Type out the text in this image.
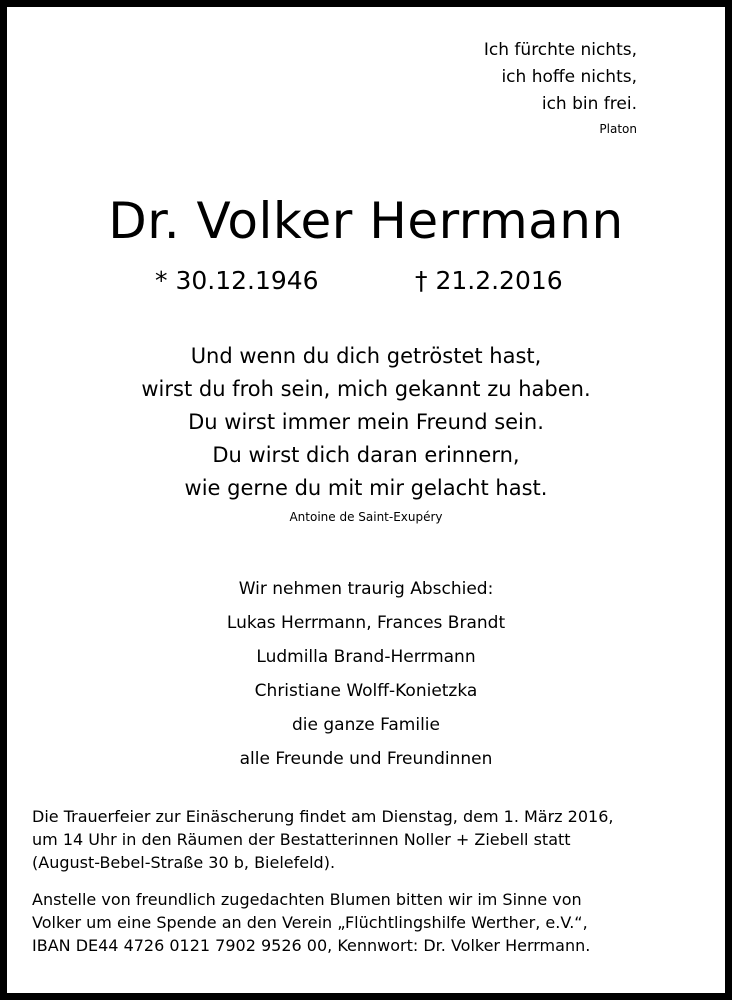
Ich fürchte nichts,
ich hoffe nichts,
ich bin frei.
Platon
Dr. Volker Herrmann
* 30.12.1946	† 21.2.2016
Und wenn du dich getröstet hast,
wirst du froh sein, mich gekannt zu haben.
Du wirst immer mein Freund sein.
Du wirst dich daran erinnern,
wie gerne du mit mir gelacht hast.
Antoine de Saint-Exupéry
Wir nehmen traurig Abschied:
Lukas Herrmann, Frances Brandt
Ludmilla Brand-Herrmann
Christiane Wolff-Konietzka
die ganze Familie
alle Freunde und Freundinnen
Die Trauerfeier zur Einäscherung findet am Dienstag, dem 1. März 2016,
um 14 Uhr in den Räumen der Bestatterinnen Noller + Ziebell statt
(August-Bebel-Straße 30 b, Bielefeld).
Anstelle von freundlich zugedachten Blumen bitten wir im Sinne von
Volker um eine Spende an den Verein „Flüchtlingshilfe Werther, e.V.“,
IBAN DE44 4726 0121 7902 9526 00, Kennwort: Dr. Volker Herrmann.
